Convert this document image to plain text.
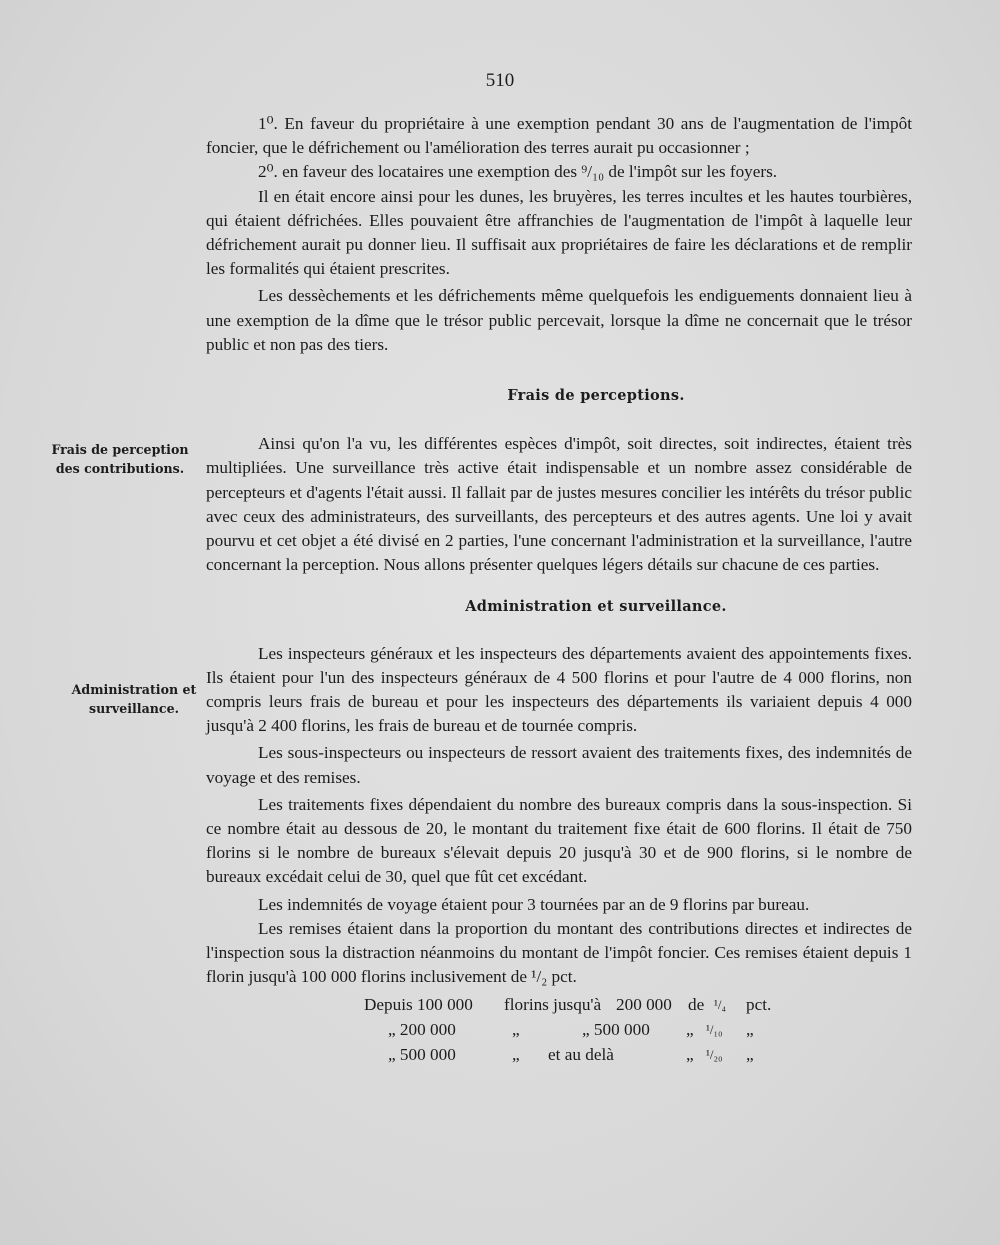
510
Frais de perception des contributions.
Administration et surveillance.

1⁰. En faveur du propriétaire à une exemption pendant 30 ans de l'augmentation de l'impôt foncier, que le défrichement ou l'amélioration des terres aurait pu occasionner ;

2⁰. en faveur des locataires une exemption des ⁹/₁₀ de l'impôt sur les foyers.

Il en était encore ainsi pour les dunes, les bruyères, les terres incultes et les hautes tourbières, qui étaient défrichées. Elles pouvaient être affranchies de l'augmentation de l'impôt à laquelle leur défrichement aurait pu donner lieu. Il suffisait aux propriétaires de faire les déclarations et de remplir les formalités qui étaient prescrites.

Les dessèchements et les défrichements même quelquefois les endiguements donnaient lieu à une exemption de la dîme que le trésor public percevait, lorsque la dîme ne concernait que le trésor public et non pas des tiers.

Frais de perceptions.

Ainsi qu'on l'a vu, les différentes espèces d'impôt, soit directes, soit indirectes, étaient très multipliées. Une surveillance très active était indispensable et un nombre assez considérable de percepteurs et d'agents l'était aussi. Il fallait par de justes mesures concilier les intérêts du trésor public avec ceux des administrateurs, des surveillants, des percepteurs et des autres agents. Une loi y avait pourvu et cet objet a été divisé en 2 parties, l'une concernant l'administration et la surveillance, l'autre concernant la perception. Nous allons présenter quelques légers détails sur chacune de ces parties.

Administration et surveillance.

Les inspecteurs généraux et les inspecteurs des départements avaient des appointements fixes. Ils étaient pour l'un des inspecteurs généraux de 4 500 florins et pour l'autre de 4 000 florins, non compris leurs frais de bureau et pour les inspecteurs des départements ils variaient depuis 4 000 jusqu'à 2 400 florins, les frais de bureau et de tournée compris.

Les sous-inspecteurs ou inspecteurs de ressort avaient des traitements fixes, des indemnités de voyage et des remises.

Les traitements fixes dépendaient du nombre des bureaux compris dans la sous-inspection. Si ce nombre était au dessous de 20, le montant du traitement fixe était de 600 florins. Il était de 750 florins si le nombre de bureaux s'élevait depuis 20 jusqu'à 30 et de 900 florins, si le nombre de bureaux excédait celui de 30, quel que fût cet excédant.

Les indemnités de voyage étaient pour 3 tournées par an de 9 florins par bureau.

Les remises étaient dans la proportion du montant des contributions directes et indirectes de l'inspection sous la distraction néanmoins du montant de l'impôt foncier. Ces remises étaient depuis 1 florin jusqu'à 100 000 florins inclusivement de ¹/₂ pct.

Depuis 100 000 florins jusqu'à 200 000 de ¹/₄ pct.
„ 200 000	„	„ 500 000 „ ¹/₁₀ „
„ 500 000	„ et au delà	„ ¹/₂₀ „
